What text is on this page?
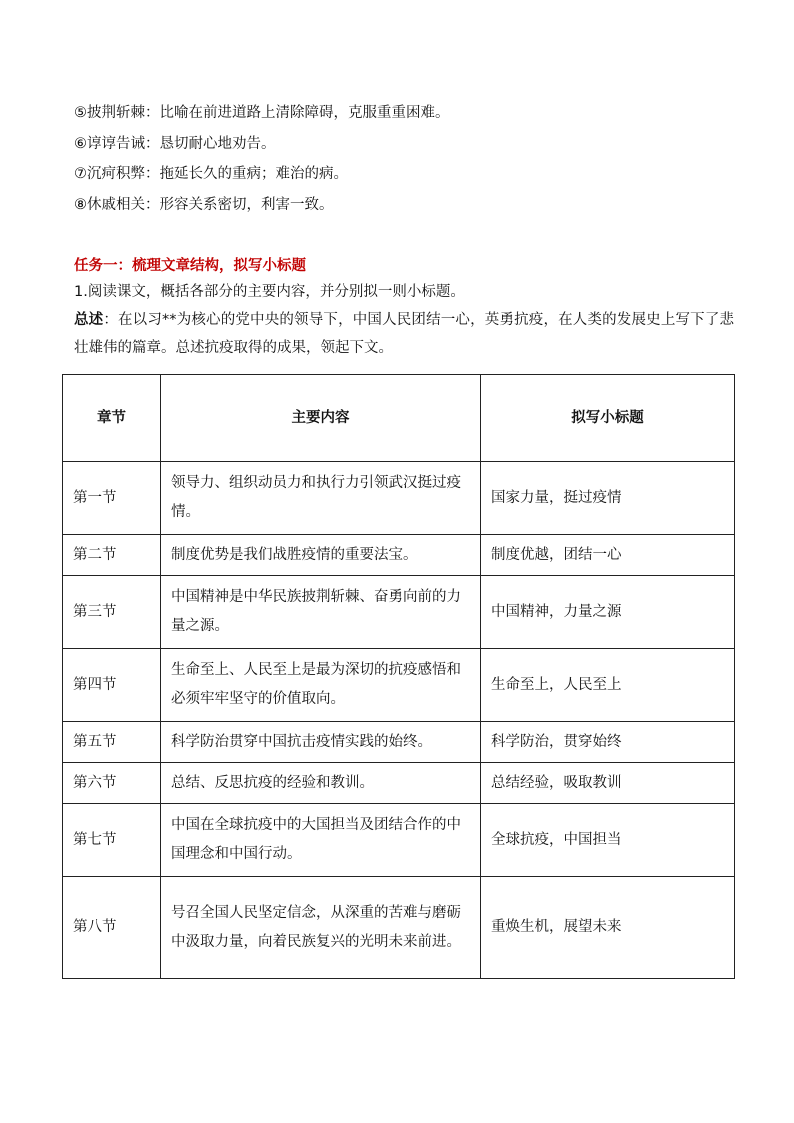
⑤披荆斩棘：比喻在前进道路上清除障碍，克服重重困难。
⑥谆谆告诫：恳切耐心地劝告。
⑦沉疴积弊：拖延长久的重病；难治的病。
⑧休戚相关：形容关系密切，利害一致。
任务一：梳理文章结构，拟写小标题
1.阅读课文，概括各部分的主要内容，并分别拟一则小标题。
总述：在以习**为核心的党中央的领导下，中国人民团结一心，英勇抗疫，在人类的发展史上写下了悲壮雄伟的篇章。总述抗疫取得的成果，领起下文。
章节	主要内容	拟写小标题
第一节	领导力、组织动员力和执行力引领武汉挺过疫情。	国家力量，挺过疫情
第二节	制度优势是我们战胜疫情的重要法宝。	制度优越，团结一心
第三节	中国精神是中华民族披荆斩棘、奋勇向前的力量之源。	中国精神，力量之源
第四节	生命至上、人民至上是最为深切的抗疫感悟和必须牢牢坚守的价值取向。	生命至上，人民至上
第五节	科学防治贯穿中国抗击疫情实践的始终。	科学防治，贯穿始终
第六节	总结、反思抗疫的经验和教训。	总结经验，吸取教训
第七节	中国在全球抗疫中的大国担当及团结合作的中国理念和中国行动。	全球抗疫，中国担当
第八节	号召全国人民坚定信念，从深重的苦难与磨砺中汲取力量，向着民族复兴的光明未来前进。	重焕生机，展望未来
